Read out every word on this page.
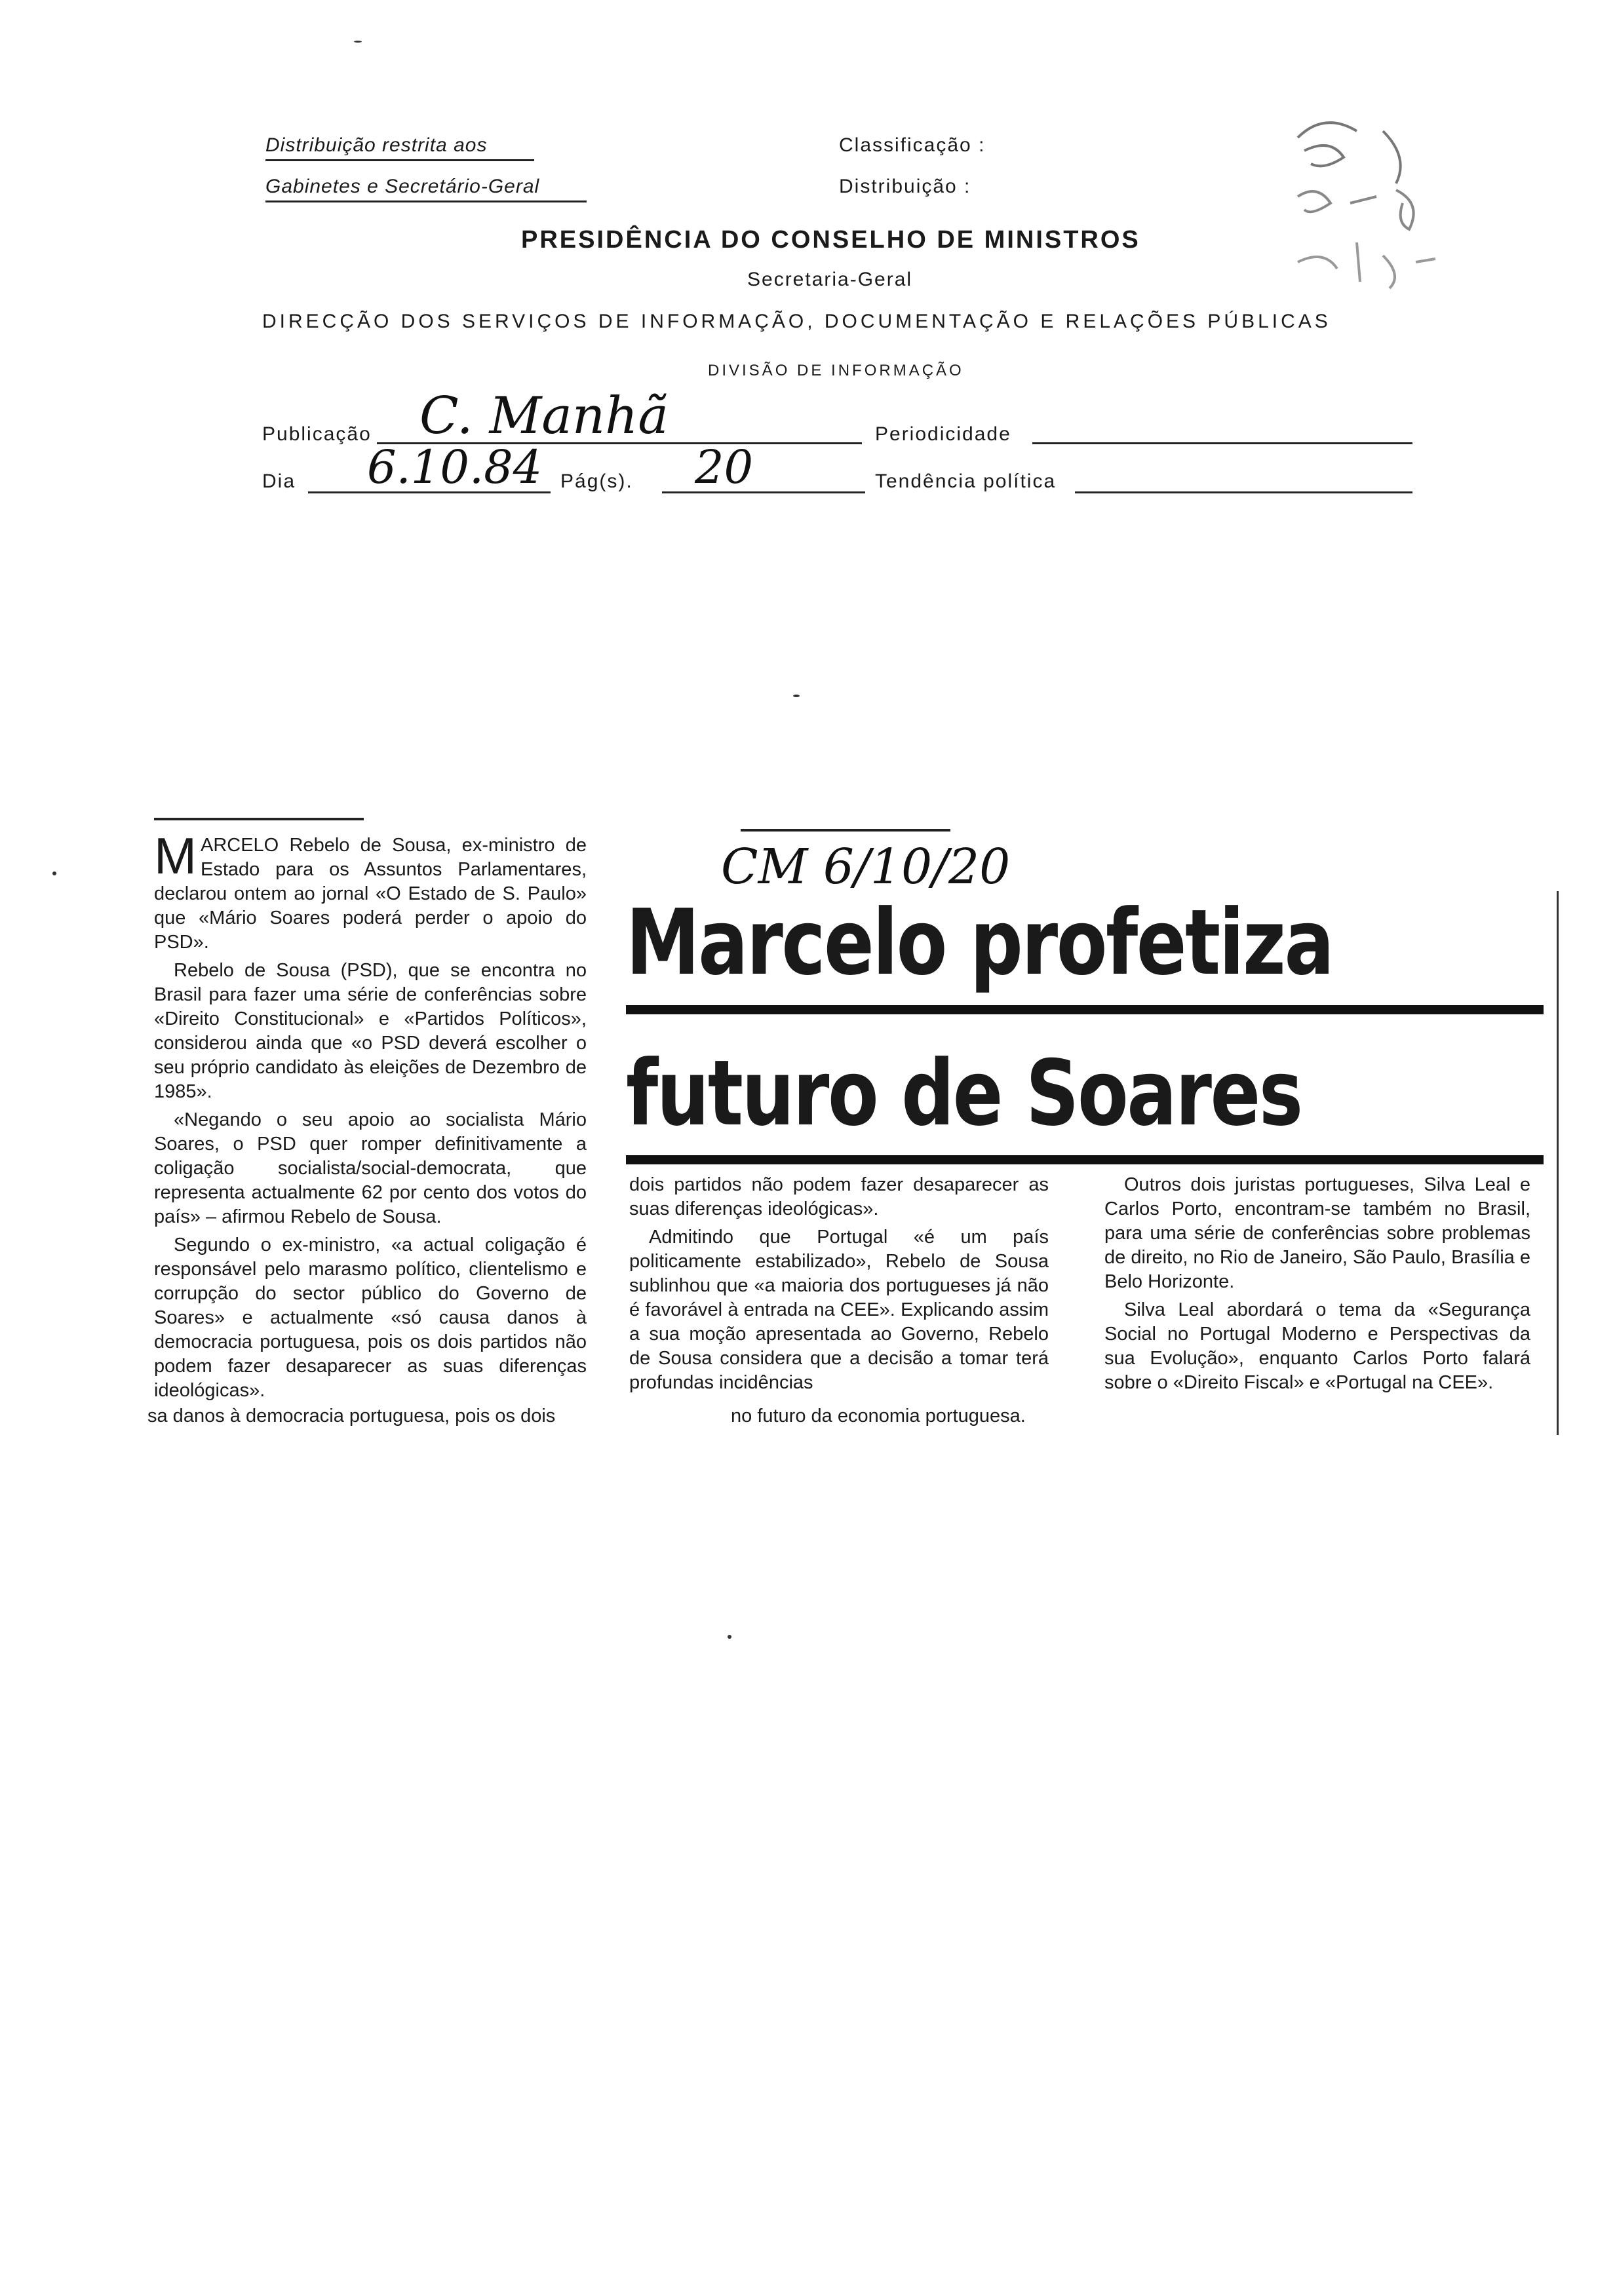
Distribuição restrita aos
Gabinetes e Secretário-Geral
Classificação :
Distribuição :
PRESIDÊNCIA DO CONSELHO DE MINISTROS
Secretaria-Geral
DIRECÇÃO DOS SERVIÇOS DE INFORMAÇÃO, DOCUMENTAÇÃO E RELAÇÕES PÚBLICAS
DIVISÃO DE INFORMAÇÃO
Publicação C. Manhã	Periodicidade
Dia 6.10.84 Pág(s). 20	Tendência política

MARCELO Rebelo de Sousa, ex-ministro de Estado para os Assuntos Parlamentares, declarou ontem ao jornal «O Estado de S. Paulo» que «Mário Soares poderá perder o apoio do PSD».

Rebelo de Sousa (PSD), que se encontra no Brasil para fazer uma série de conferências sobre «Direito Constitucional» e «Partidos Políticos», considerou ainda que «o PSD deverá escolher o seu próprio candidato às eleições de Dezembro de 1985».

«Negando o seu apoio ao socialista Mário Soares, o PSD quer romper definitivamente a coligação socialista/social-democrata, que representa actualmente 62 por cento dos votos do país» – afirmou Rebelo de Sousa.

Segundo o ex-ministro, «a actual coligação é responsável pelo marasmo político, clientelismo e corrupção do sector público do Governo de Soares» e actualmente «só causa danos à democracia portuguesa, pois os dois partidos não podem fazer desaparecer as suas diferenças ideológicas».

sa danos à democracia portuguesa, pois os dois	no futuro da economia portuguesa.
CM 6/10/20
Marcelo profetiza
futuro de Soares

dois partidos não podem fazer desaparecer as suas diferenças ideológicas».

Admitindo que Portugal «é um país politicamente estabilizado», Rebelo de Sousa sublinhou que «a maioria dos portugueses já não é favorável à entrada na CEE». Explicando assim a sua moção apresentada ao Governo, Rebelo de Sousa considera que a decisão a tomar terá profundas incidências

Outros dois juristas portugueses, Silva Leal e Carlos Porto, encontram-se também no Brasil, para uma série de conferências sobre problemas de direito, no Rio de Janeiro, São Paulo, Brasília e Belo Horizonte.

Silva Leal abordará o tema da «Segurança Social no Portugal Moderno e Perspectivas da sua Evolução», enquanto Carlos Porto falará sobre o «Direito Fiscal» e «Portugal na CEE».
